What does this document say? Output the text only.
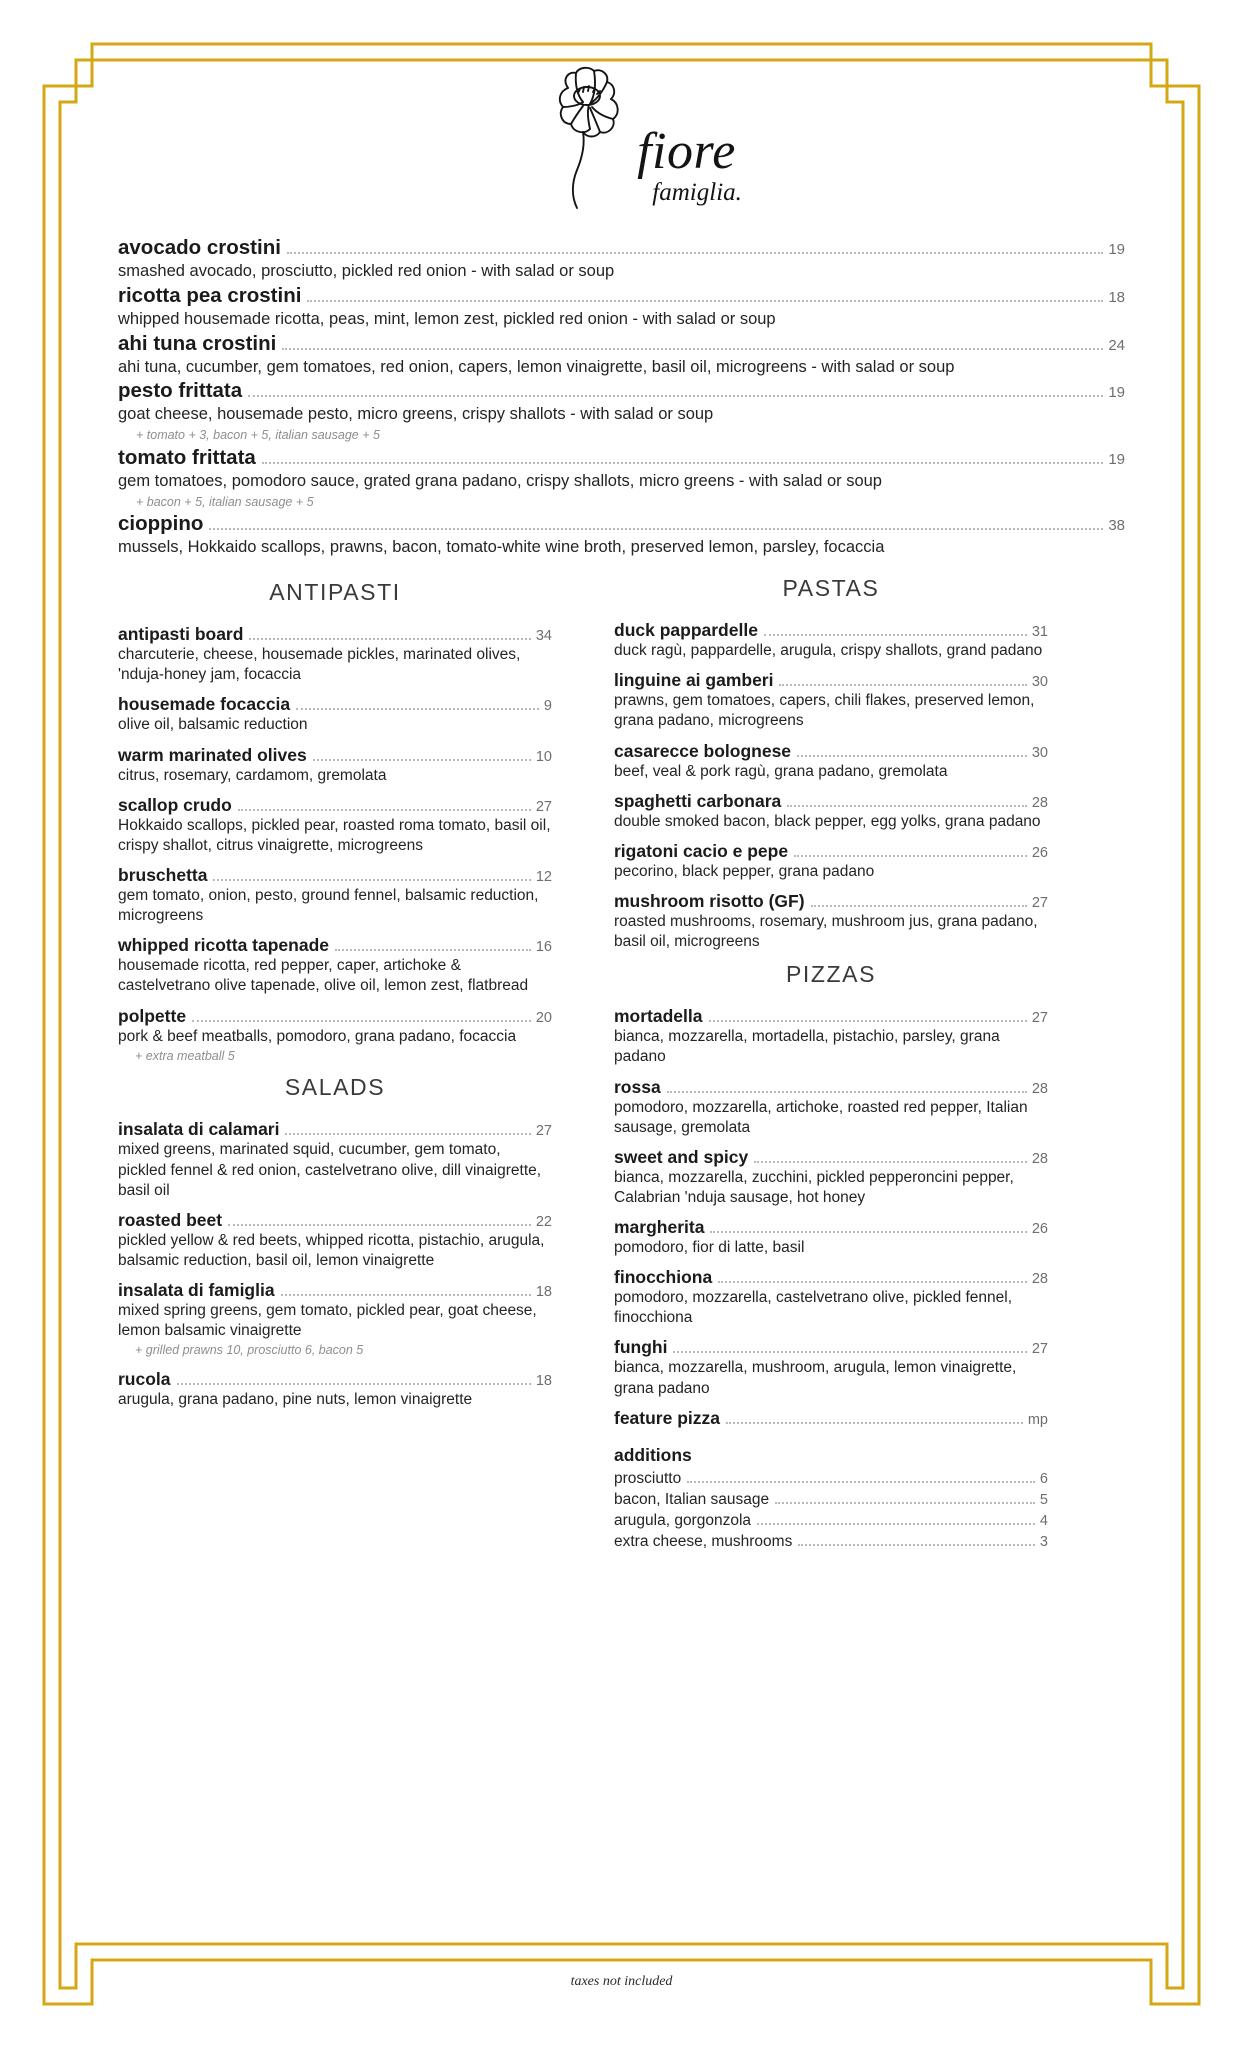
fiore
famiglia.
avocado crostini	19
smashed avocado, prosciutto, pickled red onion - with salad or soup
ricotta pea crostini	18
whipped housemade ricotta, peas, mint, lemon zest, pickled red onion - with salad or soup
ahi tuna crostini	24
ahi tuna, cucumber, gem tomatoes, red onion, capers, lemon vinaigrette, basil oil, microgreens - with salad or soup
pesto frittata	19
goat cheese, housemade pesto, micro greens, crispy shallots - with salad or soup
+ tomato + 3, bacon + 5, italian sausage + 5
tomato frittata	19
gem tomatoes, pomodoro sauce, grated grana padano, crispy shallots, micro greens - with salad or soup
+ bacon + 5, italian sausage + 5
cioppino	38
mussels, Hokkaido scallops, prawns, bacon, tomato-white wine broth, preserved lemon, parsley, focaccia
ANTIPASTI
antipasti board	34
charcuterie, cheese, housemade pickles, marinated olives, 'nduja-honey jam, focaccia
housemade focaccia	9
olive oil, balsamic reduction
warm marinated olives	10
citrus, rosemary, cardamom, gremolata
scallop crudo	27
Hokkaido scallops, pickled pear, roasted roma tomato, basil oil, crispy shallot, citrus vinaigrette, microgreens
bruschetta	12
gem tomato, onion, pesto, ground fennel, balsamic reduction, microgreens
whipped ricotta tapenade	16
housemade ricotta, red pepper, caper, artichoke & castelvetrano olive tapenade, olive oil, lemon zest, flatbread
polpette	20
pork & beef meatballs, pomodoro, grana padano, focaccia
+ extra meatball 5
SALADS
insalata di calamari	27
mixed greens, marinated squid, cucumber, gem tomato, pickled fennel & red onion, castelvetrano olive, dill vinaigrette, basil oil
roasted beet	22
pickled yellow & red beets, whipped ricotta, pistachio, arugula, balsamic reduction, basil oil, lemon vinaigrette
insalata di famiglia	18
mixed spring greens, gem tomato, pickled pear, goat cheese, lemon balsamic vinaigrette
+ grilled prawns 10, prosciutto 6, bacon 5
rucola	18
arugula, grana padano, pine nuts, lemon vinaigrette
PASTAS
duck pappardelle	31
duck ragù, pappardelle, arugula, crispy shallots, grand padano
linguine ai gamberi	30
prawns, gem tomatoes, capers, chili flakes, preserved lemon, grana padano, microgreens
casarecce bolognese	30
beef, veal & pork ragù, grana padano, gremolata
spaghetti carbonara	28
double smoked bacon, black pepper, egg yolks, grana padano
rigatoni cacio e pepe	26
pecorino, black pepper, grana padano
mushroom risotto (GF)	27
roasted mushrooms, rosemary, mushroom jus, grana padano, basil oil, microgreens
PIZZAS
mortadella	27
bianca, mozzarella, mortadella, pistachio, parsley, grana padano
rossa	28
pomodoro, mozzarella, artichoke, roasted red pepper, Italian sausage, gremolata
sweet and spicy	28
bianca, mozzarella, zucchini, pickled pepperoncini pepper, Calabrian 'nduja sausage, hot honey
margherita	26
pomodoro, fior di latte, basil
finocchiona	28
pomodoro, mozzarella, castelvetrano olive, pickled fennel, finocchiona
funghi	27
bianca, mozzarella, mushroom, arugula, lemon vinaigrette, grana padano
feature pizza	mp
additions
prosciutto	6
bacon, Italian sausage	5
arugula, gorgonzola	4
extra cheese, mushrooms	3
taxes not included
